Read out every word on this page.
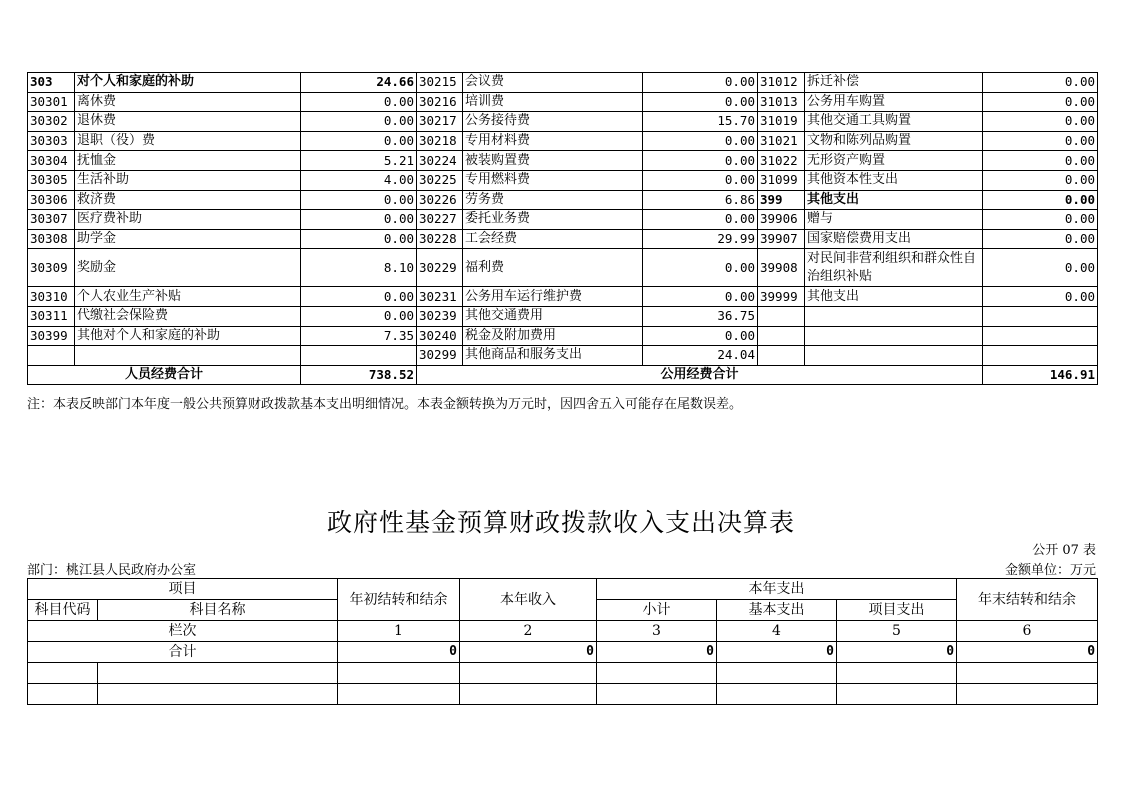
303	对个人和家庭的补助	24.66	30215	会议费	0.00	31012	拆迁补偿	0.00
30301	离休费	0.00	30216	培训费	0.00	31013	公务用车购置	0.00
30302	退休费	0.00	30217	公务接待费	15.70	31019	其他交通工具购置	0.00
30303	退职（役）费	0.00	30218	专用材料费	0.00	31021	文物和陈列品购置	0.00
30304	抚恤金	5.21	30224	被装购置费	0.00	31022	无形资产购置	0.00
30305	生活补助	4.00	30225	专用燃料费	0.00	31099	其他资本性支出	0.00
30306	救济费	0.00	30226	劳务费	6.86	399	其他支出	0.00
30307	医疗费补助	0.00	30227	委托业务费	0.00	39906	赠与	0.00
30308	助学金	0.00	30228	工会经费	29.99	39907	国家赔偿费用支出	0.00
30309	奖励金	8.10	30229	福利费	0.00	39908	对民间非营利组织和群众性自治组织补贴	0.00
30310	个人农业生产补贴	0.00	30231	公务用车运行维护费	0.00	39999	其他支出	0.00
30311	代缴社会保险费	0.00	30239	其他交通费用	36.75			
30399	其他对个人和家庭的补助	7.35	30240	税金及附加费用	0.00			
			30299	其他商品和服务支出	24.04			
人员经费合计		738.52	公用经费合计					146.91
注：本表反映部门本年度一般公共预算财政拨款基本支出明细情况。本表金额转换为万元时，因四舍五入可能存在尾数误差。
政府性基金预算财政拨款收入支出决算表
公开 07 表
部门：桃江县人民政府办公室	金额单位：万元
项目		年初结转和结余	本年收入	本年支出			年末结转和结余
科目代码	科目名称			小计	基本支出	项目支出	
栏次		1	2	3	4	5	6
合计		0	0	0	0	0	0
